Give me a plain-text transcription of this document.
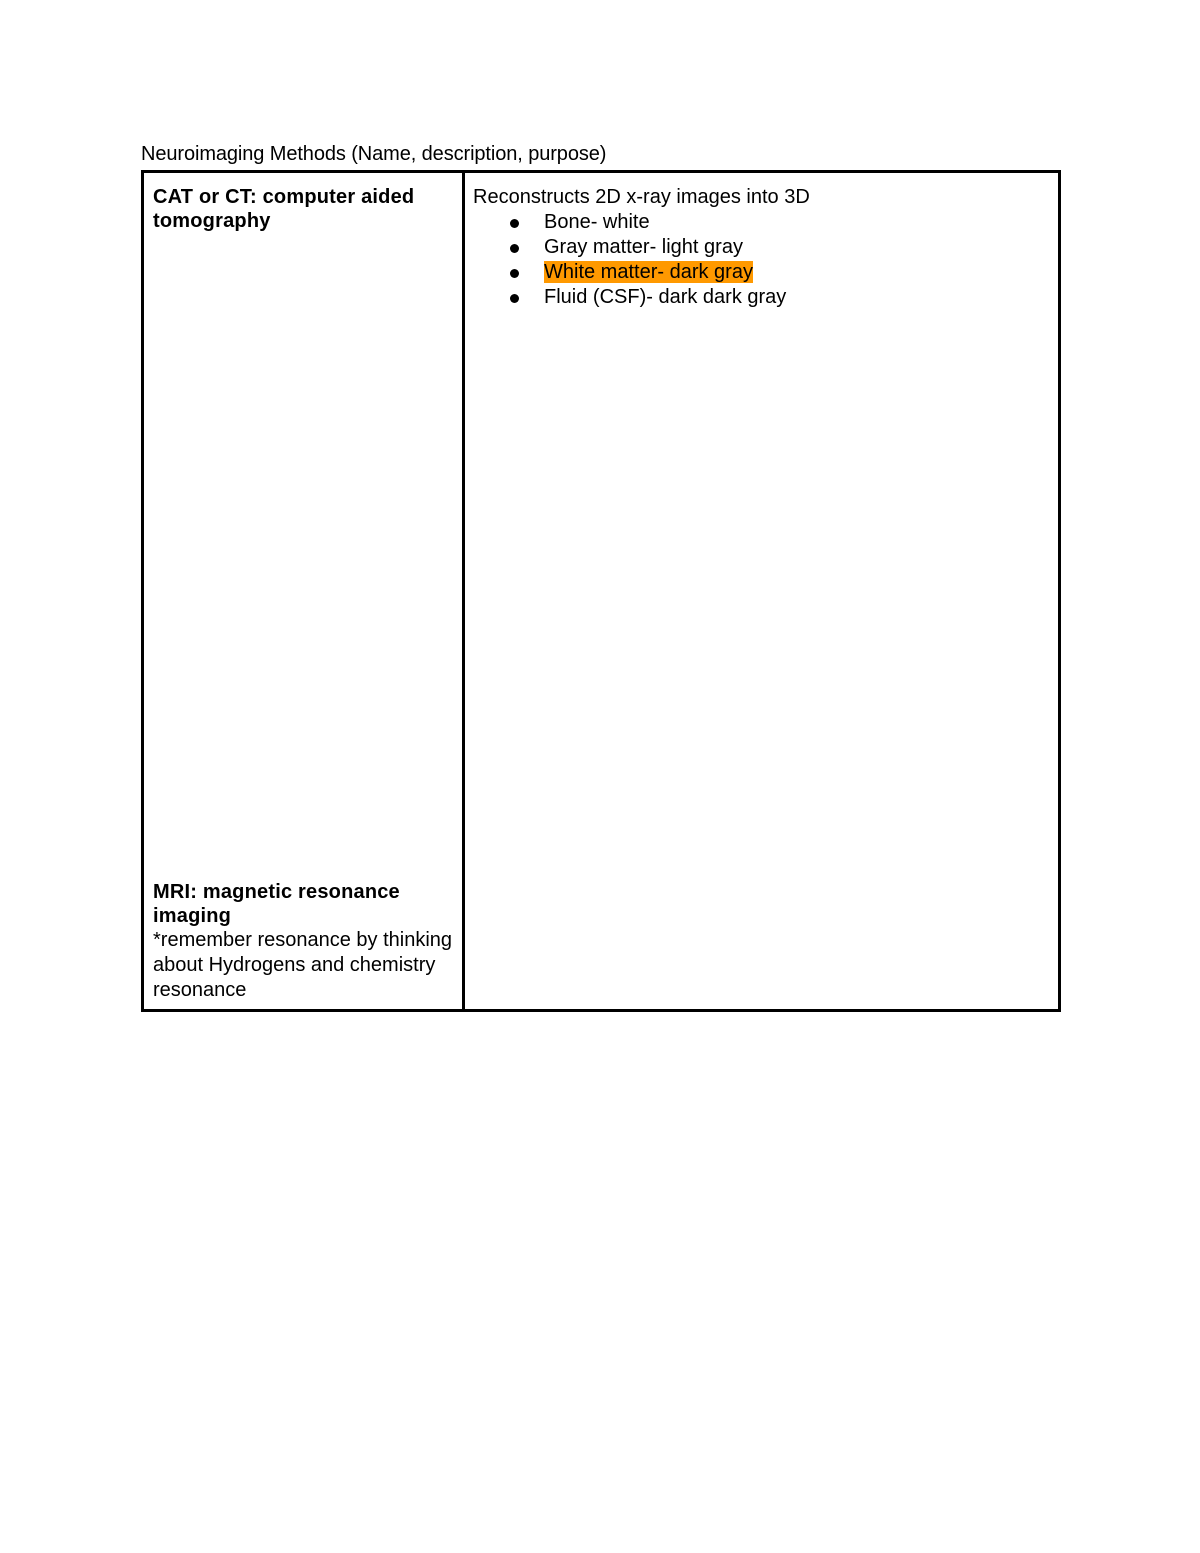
Neuroimaging Methods (Name, description, purpose)
CAT or CT: computer aided tomography
MRI: magnetic resonance imaging
*remember resonance by thinking about Hydrogens and chemistry resonance
Reconstructs 2D x-ray images into 3D
Bone- white
Gray matter- light gray
White matter- dark gray
Fluid (CSF)- dark dark gray
